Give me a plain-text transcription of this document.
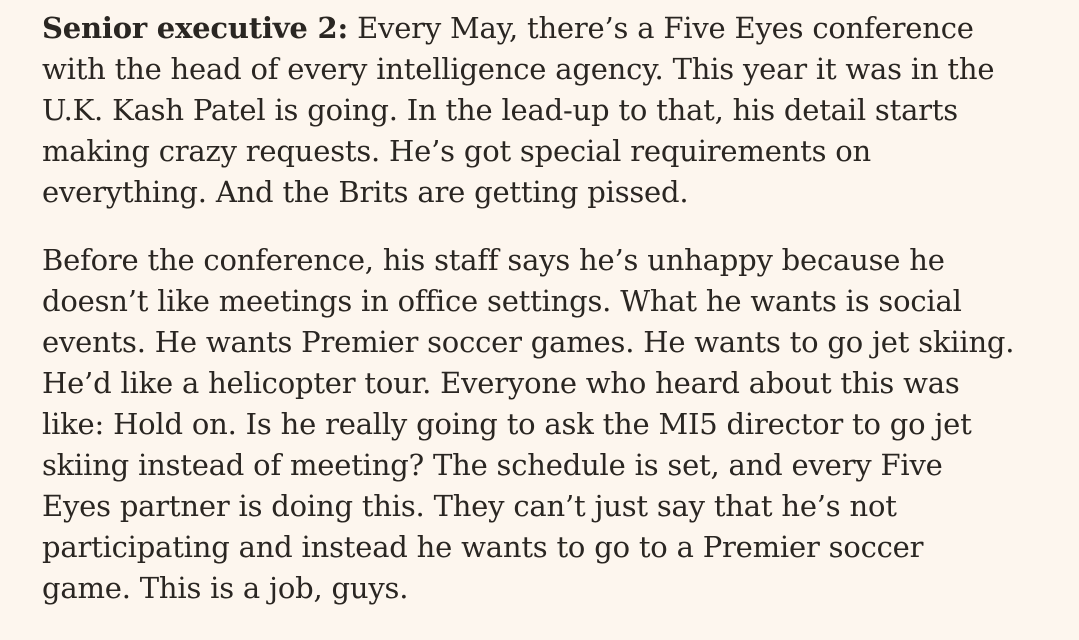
Senior executive 2: Every May, there’s a Five Eyes conference
with the head of every intelligence agency. This year it was in the
U.K. Kash Patel is going. In the lead-up to that, his detail starts
making crazy requests. He’s got special requirements on
everything. And the Brits are getting pissed.

Before the conference, his staff says he’s unhappy because he
doesn’t like meetings in office settings. What he wants is social
events. He wants Premier soccer games. He wants to go jet skiing.
He’d like a helicopter tour. Everyone who heard about this was
like: Hold on. Is he really going to ask the MI5 director to go jet
skiing instead of meeting? The schedule is set, and every Five
Eyes partner is doing this. They can’t just say that he’s not
participating and instead he wants to go to a Premier soccer
game. This is a job, guys.
